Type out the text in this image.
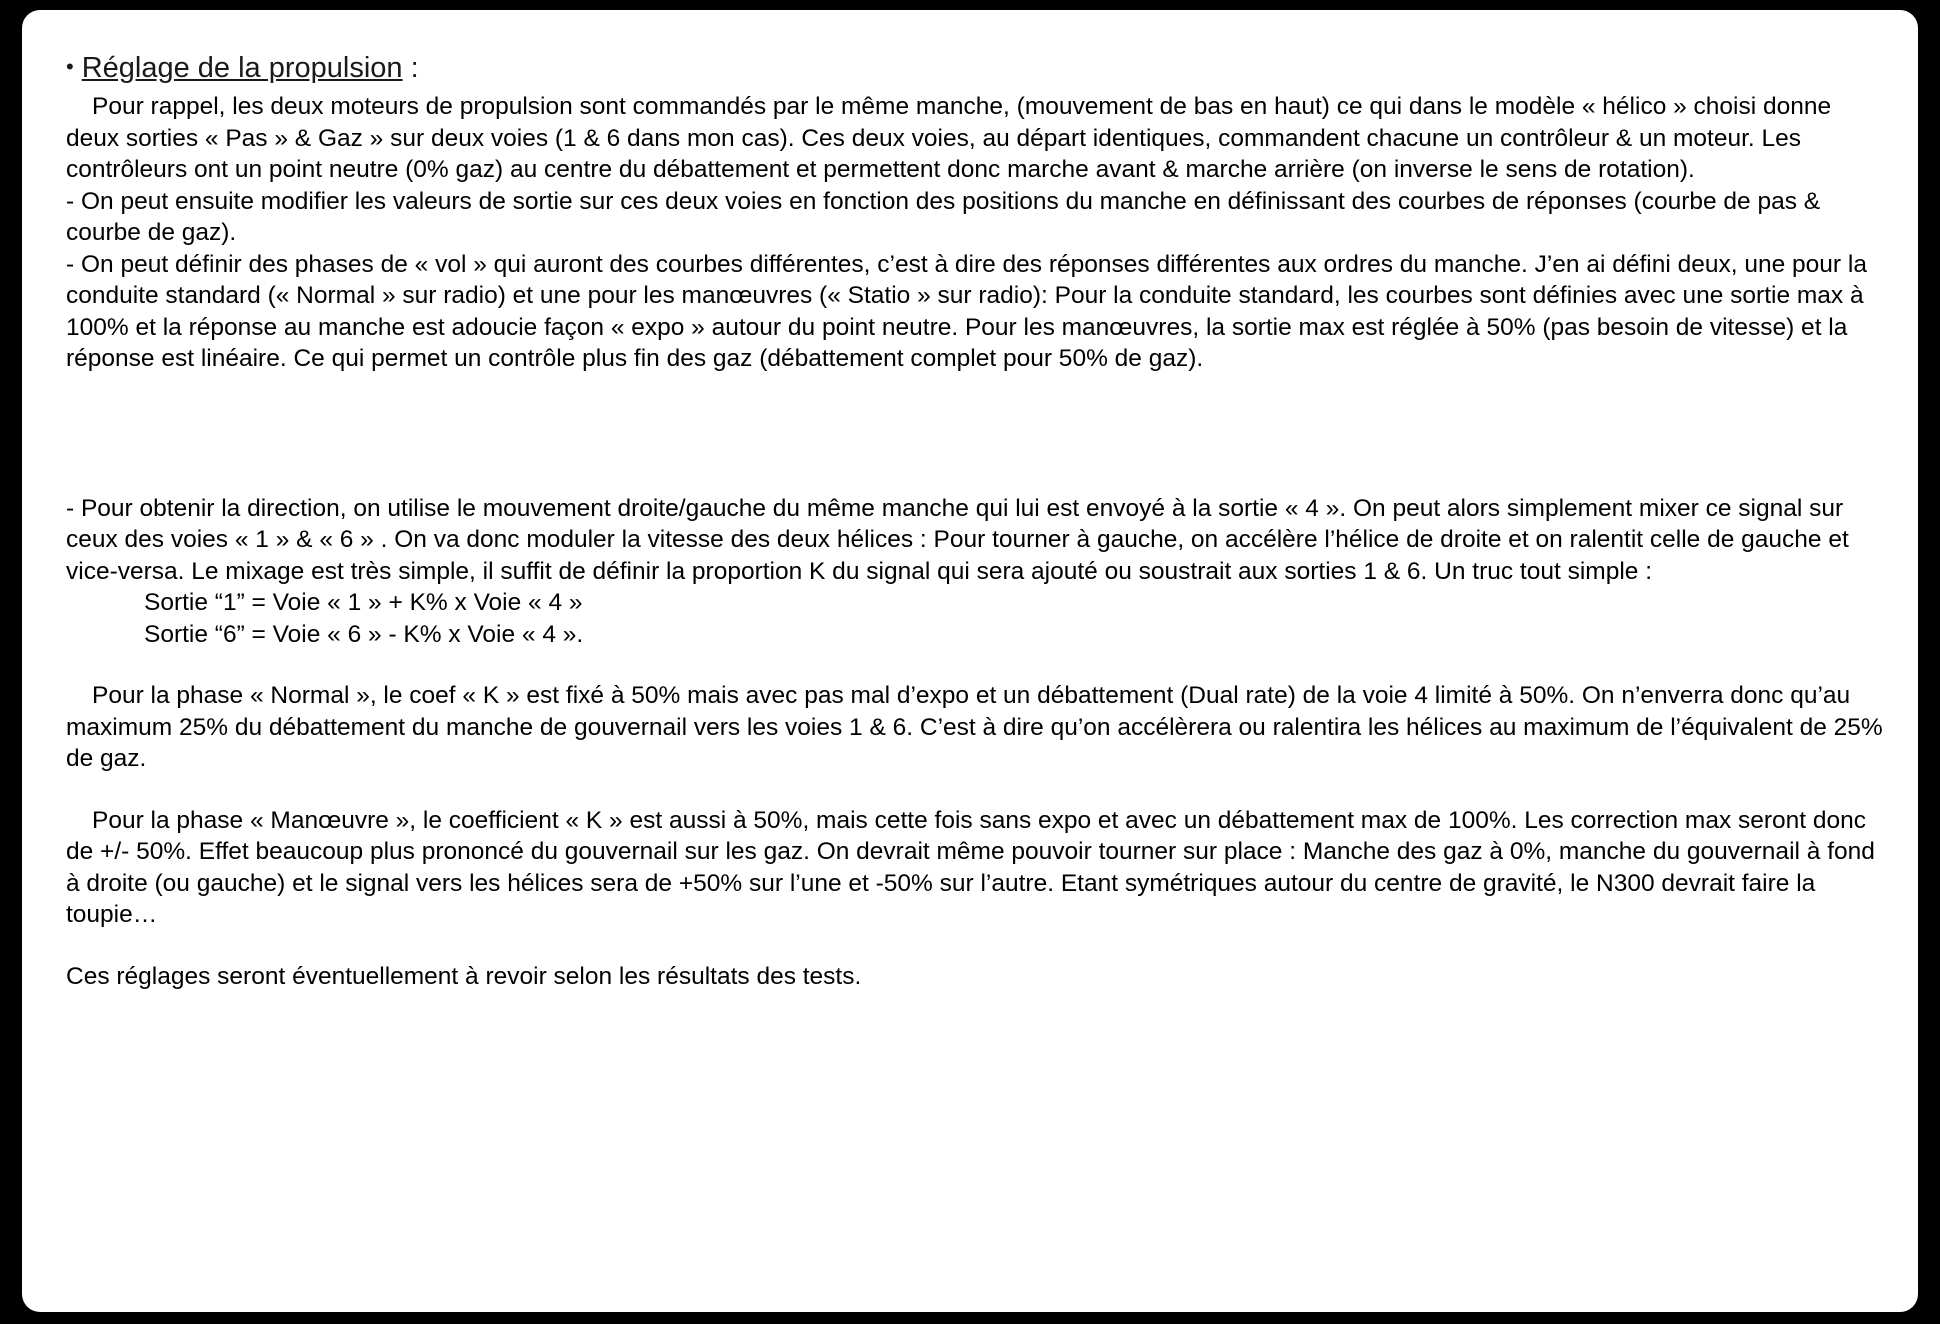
• Réglage de la propulsion :

Pour rappel, les deux moteurs de propulsion sont commandés par le même manche, (mouvement de bas en haut) ce qui dans le modèle « hélico » choisi donne deux sorties « Pas » & Gaz » sur deux voies (1 & 6 dans mon cas). Ces deux voies, au départ identiques, commandent chacune un contrôleur & un moteur. Les contrôleurs ont un point neutre (0% gaz) au centre du débattement et permettent donc marche avant & marche arrière (on inverse le sens de rotation).

- On peut ensuite modifier les valeurs de sortie sur ces deux voies en fonction des positions du manche en définissant des courbes de réponses (courbe de pas & courbe de gaz).

- On peut définir des phases de « vol » qui auront des courbes différentes, c’est à dire des réponses différentes aux ordres du manche. J’en ai défini deux, une pour la conduite standard (« Normal » sur radio) et une pour les manœuvres (« Statio » sur radio): Pour la conduite standard, les courbes sont définies avec une sortie max à 100% et la réponse au manche est adoucie façon « expo » autour du point neutre. Pour les manœuvres, la sortie max est réglée à 50% (pas besoin de vitesse) et la réponse est linéaire. Ce qui permet un contrôle plus fin des gaz (débattement complet pour 50% de gaz).

- Pour obtenir la direction, on utilise le mouvement droite/gauche du même manche qui lui est envoyé à la sortie « 4 ». On peut alors simplement mixer ce signal sur ceux des voies « 1 » & « 6 » . On va donc moduler la vitesse des deux hélices : Pour tourner à gauche, on accélère l’hélice de droite et on ralentit celle de gauche et vice-versa. Le mixage est très simple, il suffit de définir la proportion K du signal qui sera ajouté ou soustrait aux sorties 1 & 6. Un truc tout simple :

Sortie “1” = Voie « 1 » + K% x Voie « 4 »

Sortie “6” = Voie « 6 » - K% x Voie « 4 ».

Pour la phase « Normal », le coef « K » est fixé à 50% mais avec pas mal d’expo et un débattement (Dual rate) de la voie 4 limité à 50%. On n’enverra donc qu’au maximum 25% du débattement du manche de gouvernail vers les voies 1 & 6. C’est à dire qu’on accélèrera ou ralentira les hélices au maximum de l’équivalent de 25% de gaz.

Pour la phase « Manœuvre », le coefficient « K » est aussi à 50%, mais cette fois sans expo et avec un débattement max de 100%. Les correction max seront donc de +/- 50%. Effet beaucoup plus prononcé du gouvernail sur les gaz. On devrait même pouvoir tourner sur place : Manche des gaz à 0%, manche du gouvernail à fond à droite (ou gauche) et le signal vers les hélices sera de +50% sur l’une et -50% sur l’autre. Etant symétriques autour du centre de gravité, le N300 devrait faire la toupie…

Ces réglages seront éventuellement à revoir selon les résultats des tests.
